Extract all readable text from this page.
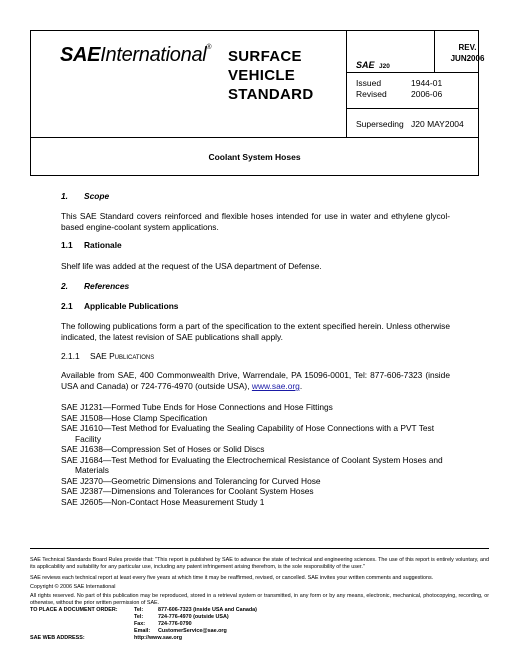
SAEInternational®
SURFACE
VEHICLE
STANDARD
SAE J20
REV.
JUN2006
Issued	1944-01
Revised	2006-06
Superseding J20 MAY2004
Coolant System Hoses
1. Scope
This SAE Standard covers reinforced and flexible hoses intended for use in water and ethylene glycol-based engine-coolant system applications.
1.1 Rationale
Shelf life was added at the request of the USA department of Defense.
2. References
2.1 Applicable Publications
The following publications form a part of the specification to the extent specified herein. Unless otherwise indicated, the latest revision of SAE publications shall apply.
2.1.1 SAE Publications
Available from SAE, 400 Commonwealth Drive, Warrendale, PA 15096-0001, Tel: 877-606-7323 (inside USA and Canada) or 724-776-4970 (outside USA), www.sae.org.
SAE J1231—Formed Tube Ends for Hose Connections and Hose Fittings
SAE J1508—Hose Clamp Specification
SAE J1610—Test Method for Evaluating the Sealing Capability of Hose Connections with a PVT Test
Facility
SAE J1638—Compression Set of Hoses or Solid Discs
SAE J1684—Test Method for Evaluating the Electrochemical Resistance of Coolant System Hoses and
Materials
SAE J2370—Geometric Dimensions and Tolerancing for Curved Hose
SAE J2387—Dimensions and Tolerances for Coolant System Hoses
SAE J2605—Non-Contact Hose Measurement Study 1
SAE Technical Standards Board Rules provide that: "This report is published by SAE to advance the state of technical and engineering sciences. The use of this report is entirely voluntary, and its applicability and suitability for any particular use, including any patent infringement arising therefrom, is the sole responsibility of the user."
SAE reviews each technical report at least every five years at which time it may be reaffirmed, revised, or cancelled. SAE invites your written comments and suggestions.
Copyright © 2006 SAE International
All rights reserved. No part of this publication may be reproduced, stored in a retrieval system or transmitted, in any form or by any means, electronic, mechanical, photocopying, recording, or otherwise, without the prior written permission of SAE.
TO PLACE A DOCUMENT ORDER:	Tel:	877-606-7323 (inside USA and Canada)
Tel:	724-776-4970 (outside USA)
Fax: 724-776-0790
Email: CustomerService@sae.org
SAE WEB ADDRESS:	http://www.sae.org
